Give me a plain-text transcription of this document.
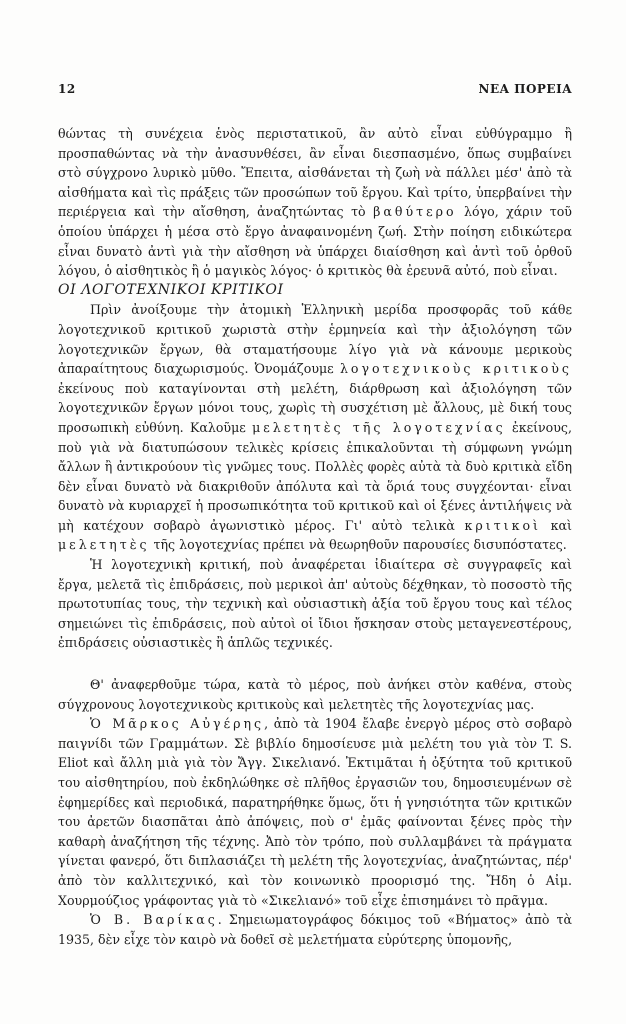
12	ΝΕΑ ΠΟΡΕΙΑ

θώντας τὴ συνέχεια ἑνὸς περιστατικοῦ, ἂν αὐτὸ εἶναι εὐθύγραμμο ἢ προσπαθώντας νὰ τὴν ἀνασυνθέσει, ἂν εἶναι διεσπασμένο, ὅπως συμβαίνει στὸ σύγχρονο λυρικὸ μῦθο. Ἔπειτα, αἰσθάνεται τὴ ζωὴ νὰ πάλλει μέσ' ἀπὸ τὰ αἰσθήματα καὶ τὶς πράξεις τῶν προσώπων τοῦ ἔργου. Καὶ τρίτο, ὑπερβαίνει τὴν περιέργεια καὶ τὴν αἴσθηση, ἀναζητώντας τὸ βαθύτερο λόγο, χάριν τοῦ ὁποίου ὑπάρχει ἡ μέσα στὸ ἔργο ἀναφαινομένη ζωή. Στὴν ποίηση ειδικώτερα εἶναι δυνατὸ ἀντὶ γιὰ τὴν αἴσθηση νὰ ὑπάρχει διαίσθηση καὶ ἀντὶ τοῦ ὀρθοῦ λόγου, ὁ αἰσθητικὸς ἢ ὁ μαγικὸς λόγος· ὁ κριτικὸς θὰ ἐρευνᾶ αὐτό, ποὺ εἶναι.

ΟΙ ΛΟΓΟΤΕΧΝΙΚΟΙ ΚΡΙΤΙΚΟΙ

Πρὶν ἀνοίξουμε τὴν ἀτομικὴ Ἑλληνικὴ μερίδα προσφορᾶς τοῦ κάθε λογοτεχνικοῦ κριτικοῦ χωριστὰ στὴν ἑρμηνεία καὶ τὴν ἀξιολόγηση τῶν λογοτεχνικῶν ἔργων, θὰ σταματήσουμε λίγο γιὰ νὰ κάνουμε μερικοὺς ἀπαραίτητους διαχωρισμούς. Ὀνομάζουμε λογοτεχνικοὺς κριτικοὺς ἐκείνους ποὺ καταγίνονται στὴ μελέτη, διάρθρωση καὶ ἀξιολόγηση τῶν λογοτεχνικῶν ἔργων μόνοι τους, χωρὶς τὴ συσχέτιση μὲ ἄλλους, μὲ δική τους προσωπικὴ εὐθύνη. Καλοῦμε μελετητὲς τῆς λογοτεχνίας ἐκείνους, ποὺ γιὰ νὰ διατυπώσουν τελικὲς κρίσεις ἐπικαλοῦνται τὴ σύμφωνη γνώμη ἄλλων ἢ ἀντικρούουν τὶς γνῶμες τους. Πολλὲς φορὲς αὐτὰ τὰ δυὸ κριτικὰ εἴδη δὲν εἶναι δυνατὸ νὰ διακριθοῦν ἀπόλυτα καὶ τὰ ὅριά τους συγχέονται· εἶναι δυνατὸ νὰ κυριαρχεῖ ἡ προσωπικότητα τοῦ κριτικοῦ καὶ οἱ ξένες ἀντιλήψεις νὰ μὴ κατέχουν σοβαρὸ ἀγωνιστικὸ μέρος. Γι' αὐτὸ τελικὰ κριτικοὶ καὶ μελετητὲς τῆς λογοτεχνίας πρέπει νὰ θεωρηθοῦν παρουσίες δισυπόστατες.

Ἡ λογοτεχνικὴ κριτική, ποὺ ἀναφέρεται ἰδιαίτερα σὲ συγγραφεῖς καὶ ἔργα, μελετᾶ τὶς ἐπιδράσεις, ποὺ μερικοὶ ἀπ' αὐτοὺς δέχθηκαν, τὸ ποσοστὸ τῆς πρωτοτυπίας τους, τὴν τεχνικὴ καὶ οὐσιαστικὴ ἀξία τοῦ ἔργου τους καὶ τέλος σημειώνει τὶς ἐπιδράσεις, ποὺ αὐτοὶ οἱ ἴδιοι ἤσκησαν στοὺς μεταγενεστέρους, ἐπιδράσεις οὐσιαστικὲς ἢ ἁπλῶς τεχνικές.

Θ' ἀναφερθοῦμε τώρα, κατὰ τὸ μέρος, ποὺ ἀνήκει στὸν καθένα, στοὺς σύγχρονους λογοτεχνικοὺς κριτικοὺς καὶ μελετητὲς τῆς λογοτεχνίας μας.

Ὁ Μᾶρκος Αὐγέρης, ἀπὸ τὰ 1904 ἔλαβε ἐνεργὸ μέρος στὸ σοβαρὸ παιγνίδι τῶν Γραμμάτων. Σὲ βιβλίο δημοσίευσε μιὰ μελέτη του γιὰ τὸν T. S. Eliot καὶ ἄλλη μιὰ γιὰ τὸν Ἄγγ. Σικελιανό. Ἐκτιμᾶται ἡ ὀξύτητα τοῦ κριτικοῦ του αἰσθητηρίου, ποὺ ἐκδηλώθηκε σὲ πλῆθος ἐργασιῶν του, δημοσιευμένων σὲ ἐφημερίδες καὶ περιοδικά, παρατηρήθηκε ὅμως, ὅτι ἡ γνησιότητα τῶν κριτικῶν του ἀρετῶν διασπᾶται ἀπὸ ἀπόψεις, ποὺ σ' ἐμᾶς φαίνονται ξένες πρὸς τὴν καθαρὴ ἀναζήτηση τῆς τέχνης. Ἀπὸ τὸν τρόπο, ποὺ συλλαμβάνει τὰ πράγματα γίνεται φανερό, ὅτι διπλασιάζει τὴ μελέτη τῆς λογοτεχνίας, ἀναζητώντας, πέρ' ἀπὸ τὸν καλλιτεχνικό, καὶ τὸν κοινωνικὸ προορισμό της. Ἤδη ὁ Αἰμ. Χουρμούζιος γράφοντας γιὰ τὸ «Σικελιανό» τοῦ εἶχε ἐπισημάνει τὸ πρᾶγμα.

Ὁ Β. Βαρίκας. Σημειωματογράφος δόκιμος τοῦ «Βήματος» ἀπὸ τὰ 1935, δὲν εἶχε τὸν καιρὸ νὰ δοθεῖ σὲ μελετήματα εὐρύτερης ὑπομονῆς,
